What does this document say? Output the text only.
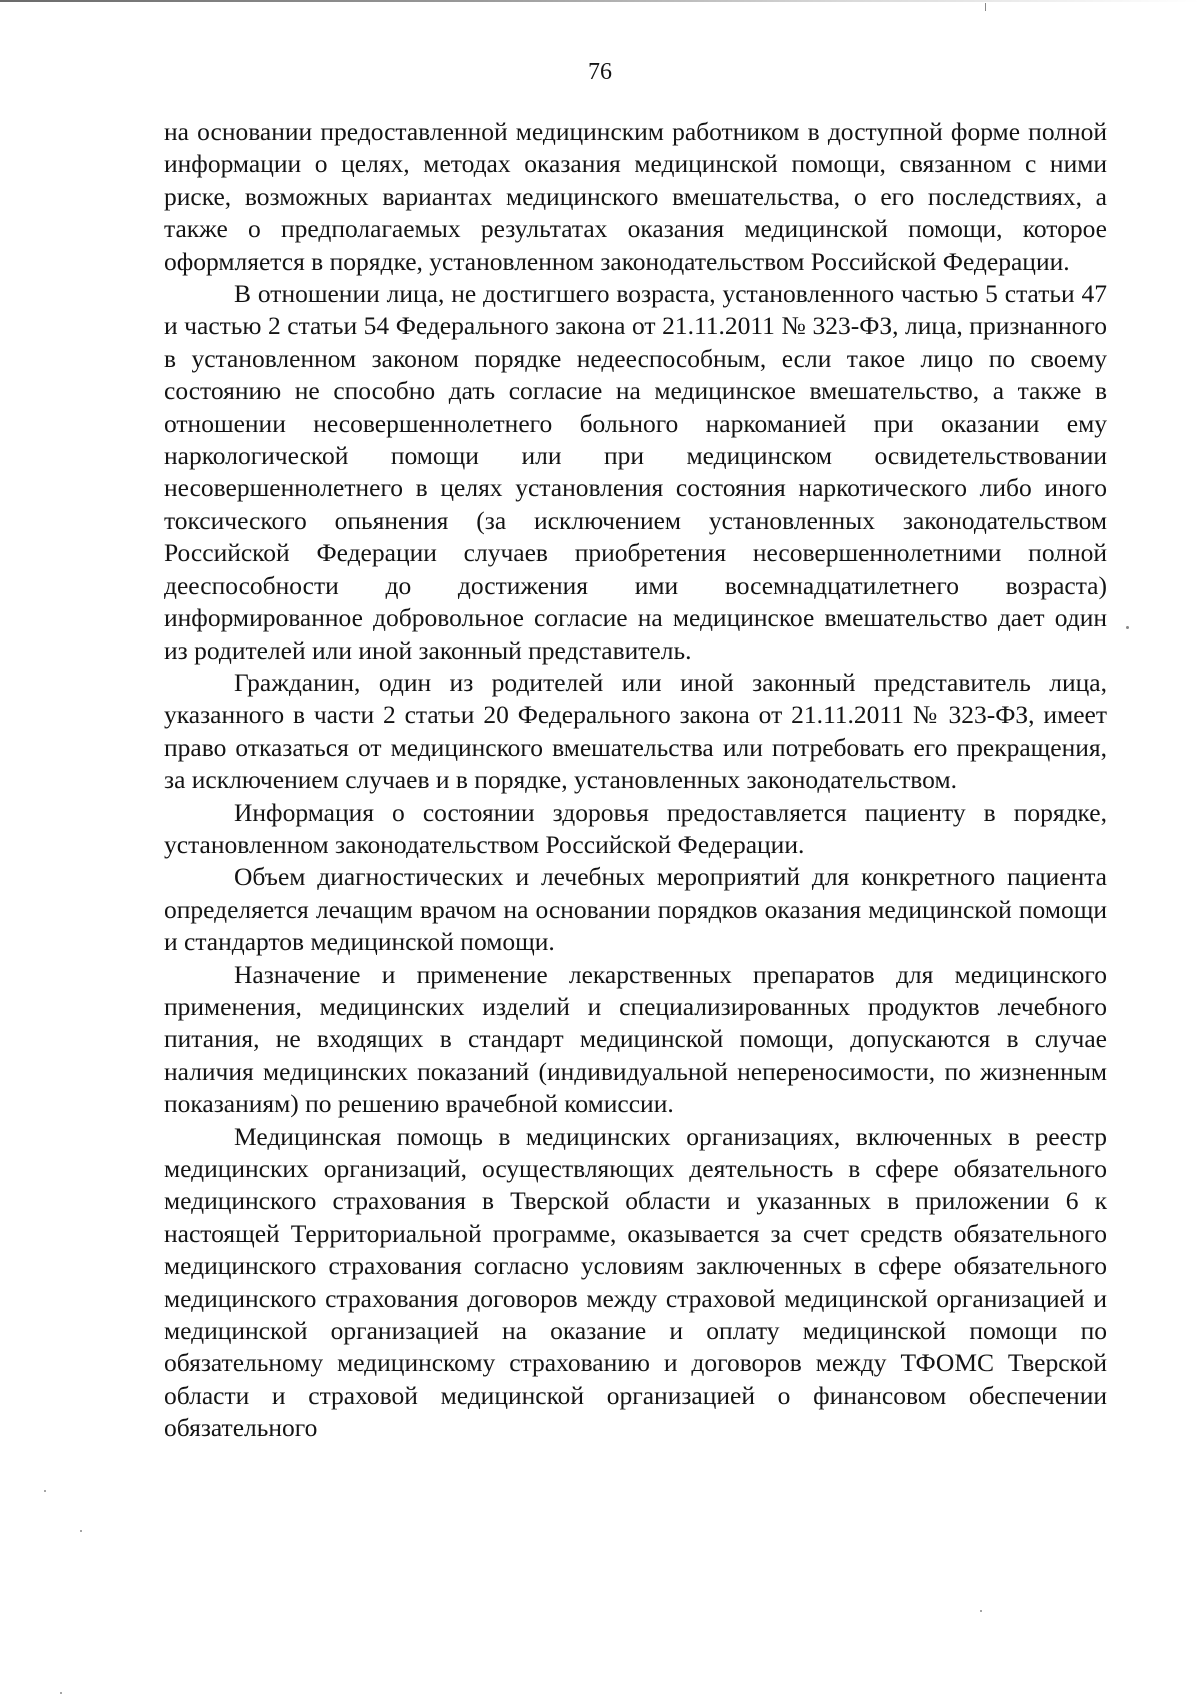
76

на основании предоставленной медицинским работником в доступной форме полной информации о целях, методах оказания медицинской помощи, связанном с ними риске, возможных вариантах медицинского вмешательства, о его последствиях, а также о предполагаемых результатах оказания медицинской помощи, которое оформляется в порядке, установленном законодательством Российской Федерации.

В отношении лица, не достигшего возраста, установленного частью 5 статьи 47 и частью 2 статьи 54 Федерального закона от 21.11.2011 № 323-ФЗ, лица, признанного в установленном законом порядке недееспособным, если такое лицо по своему состоянию не способно дать согласие на медицинское вмешательство, а также в отношении несовершеннолетнего больного наркоманией при оказании ему наркологической помощи или при медицинском освидетельствовании несовершеннолетнего в целях установления состояния наркотического либо иного токсического опьянения (за исключением установленных законодательством Российской Федерации случаев приобретения несовершеннолетними полной дееспособности до достижения ими восемнадцатилетнего возраста) информированное добровольное согласие на медицинское вмешательство дает один из родителей или иной законный представитель.

Гражданин, один из родителей или иной законный представитель лица, указанного в части 2 статьи 20 Федерального закона от 21.11.2011 № 323-ФЗ, имеет право отказаться от медицинского вмешательства или потребовать его прекращения, за исключением случаев и в порядке, установленных законодательством.

Информация о состоянии здоровья предоставляется пациенту в порядке, установленном законодательством Российской Федерации.

Объем диагностических и лечебных мероприятий для конкретного пациента определяется лечащим врачом на основании порядков оказания медицинской помощи и стандартов медицинской помощи.

Назначение и применение лекарственных препаратов для медицинского применения, медицинских изделий и специализированных продуктов лечебного питания, не входящих в стандарт медицинской помощи, допускаются в случае наличия медицинских показаний (индивидуальной непереносимости, по жизненным показаниям) по решению врачебной комиссии.

Медицинская помощь в медицинских организациях, включенных в реестр медицинских организаций, осуществляющих деятельность в сфере обязательного медицинского страхования в Тверской области и указанных в приложении 6 к настоящей Территориальной программе, оказывается за счет средств обязательного медицинского страхования согласно условиям заключенных в сфере обязательного медицинского страхования договоров между страховой медицинской организацией и медицинской организацией на оказание и оплату медицинской помощи по обязательному медицинскому страхованию и договоров между ТФОМС Тверской области и страховой медицинской организацией о финансовом обеспечении обязательного
